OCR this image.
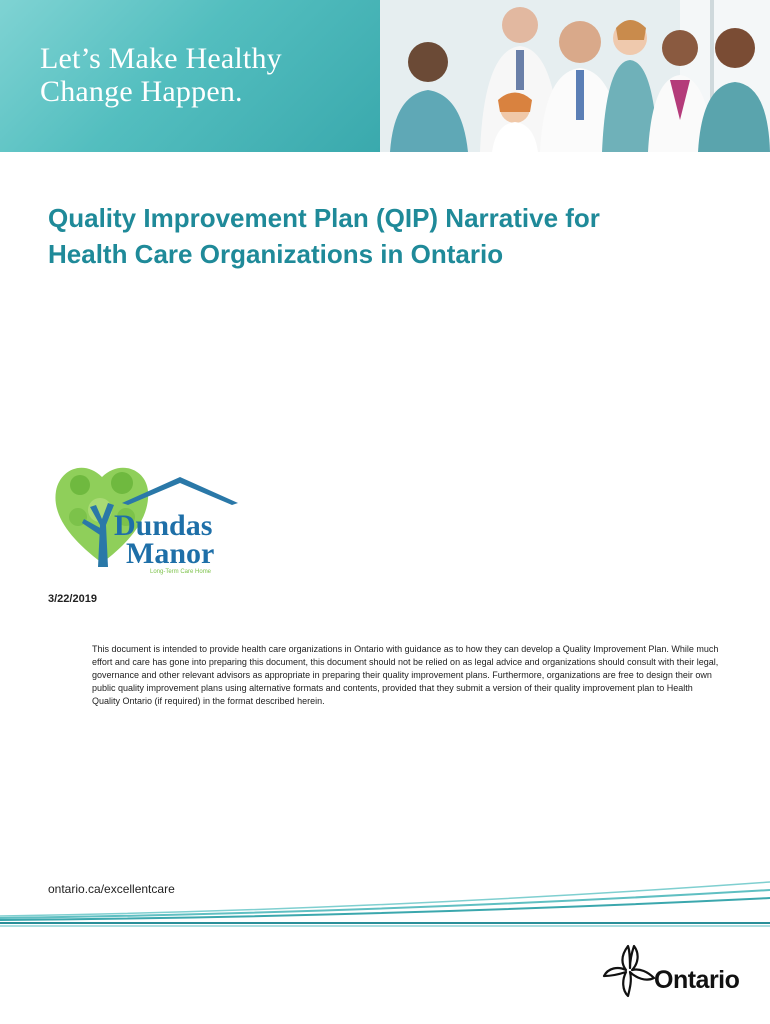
Let’s Make Healthy
Change Happen.
Quality Improvement Plan (QIP) Narrative for
Health Care Organizations in Ontario
Dundas
Manor
Long-Term Care Home
3/22/2019
This document is intended to provide health care organizations in Ontario with guidance as to how they can develop a Quality Improvement Plan. While much effort and care has gone into preparing this document, this document should not be relied on as legal advice and organizations should consult with their legal, governance and other relevant advisors as appropriate in preparing their quality improvement plans. Furthermore, organizations are free to design their own public quality improvement plans using alternative formats and contents, provided that they submit a version of their quality improvement plan to Health Quality Ontario (if required) in the format described herein.
ontario.ca/excellentcare
Ontario
